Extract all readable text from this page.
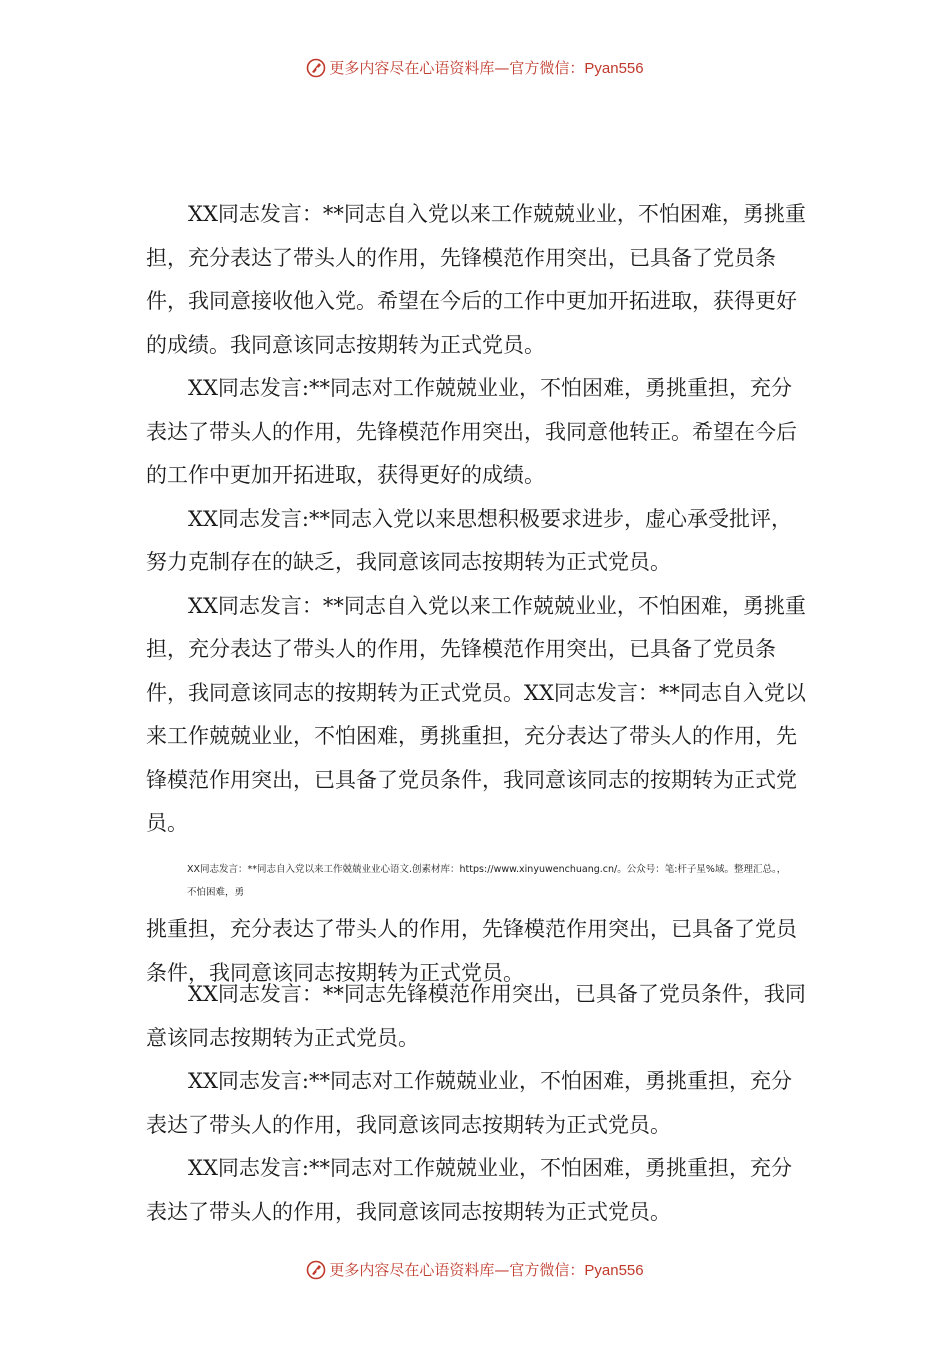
更多内容尽在心语资料库—官方微信：Pyan556

XX同志发言：**同志自入党以来工作兢兢业业，不怕困难，勇挑重担，充分表达了带头人的作用，先锋模范作用突出，已具备了党员条件，我同意接收他入党。希望在今后的工作中更加开拓进取，获得更好的成绩。我同意该同志按期转为正式党员。

XX同志发言:**同志对工作兢兢业业，不怕困难，勇挑重担，充分表达了带头人的作用，先锋模范作用突出，我同意他转正。希望在今后的工作中更加开拓进取，获得更好的成绩。

XX同志发言:**同志入党以来思想积极要求进步，虚心承受批评，努力克制存在的缺乏，我同意该同志按期转为正式党员。

XX同志发言：**同志自入党以来工作兢兢业业，不怕困难，勇挑重担，充分表达了带头人的作用，先锋模范作用突出，已具备了党员条件，我同意该同志的按期转为正式党员。XX同志发言：**同志自入党以来工作兢兢业业，不怕困难，勇挑重担，充分表达了带头人的作用，先锋模范作用突出，已具备了党员条件，我同意该同志的按期转为正式党员。

XX同志发言：**同志自入党以来工作兢兢业业心语文.创素材库：https://www.xinyuwenchuang.cn/。公众号：笔:杆子星%域。整理汇总。，
不怕困难，勇

挑重担，充分表达了带头人的作用，先锋模范作用突出，已具备了党员条件，我同意该同志按期转为正式党员。

XX同志发言：**同志先锋模范作用突出，已具备了党员条件，我同意该同志按期转为正式党员。

XX同志发言:**同志对工作兢兢业业，不怕困难，勇挑重担，充分表达了带头人的作用，我同意该同志按期转为正式党员。

XX同志发言:**同志对工作兢兢业业，不怕困难，勇挑重担，充分表达了带头人的作用，我同意该同志按期转为正式党员。

更多内容尽在心语资料库—官方微信：Pyan556
